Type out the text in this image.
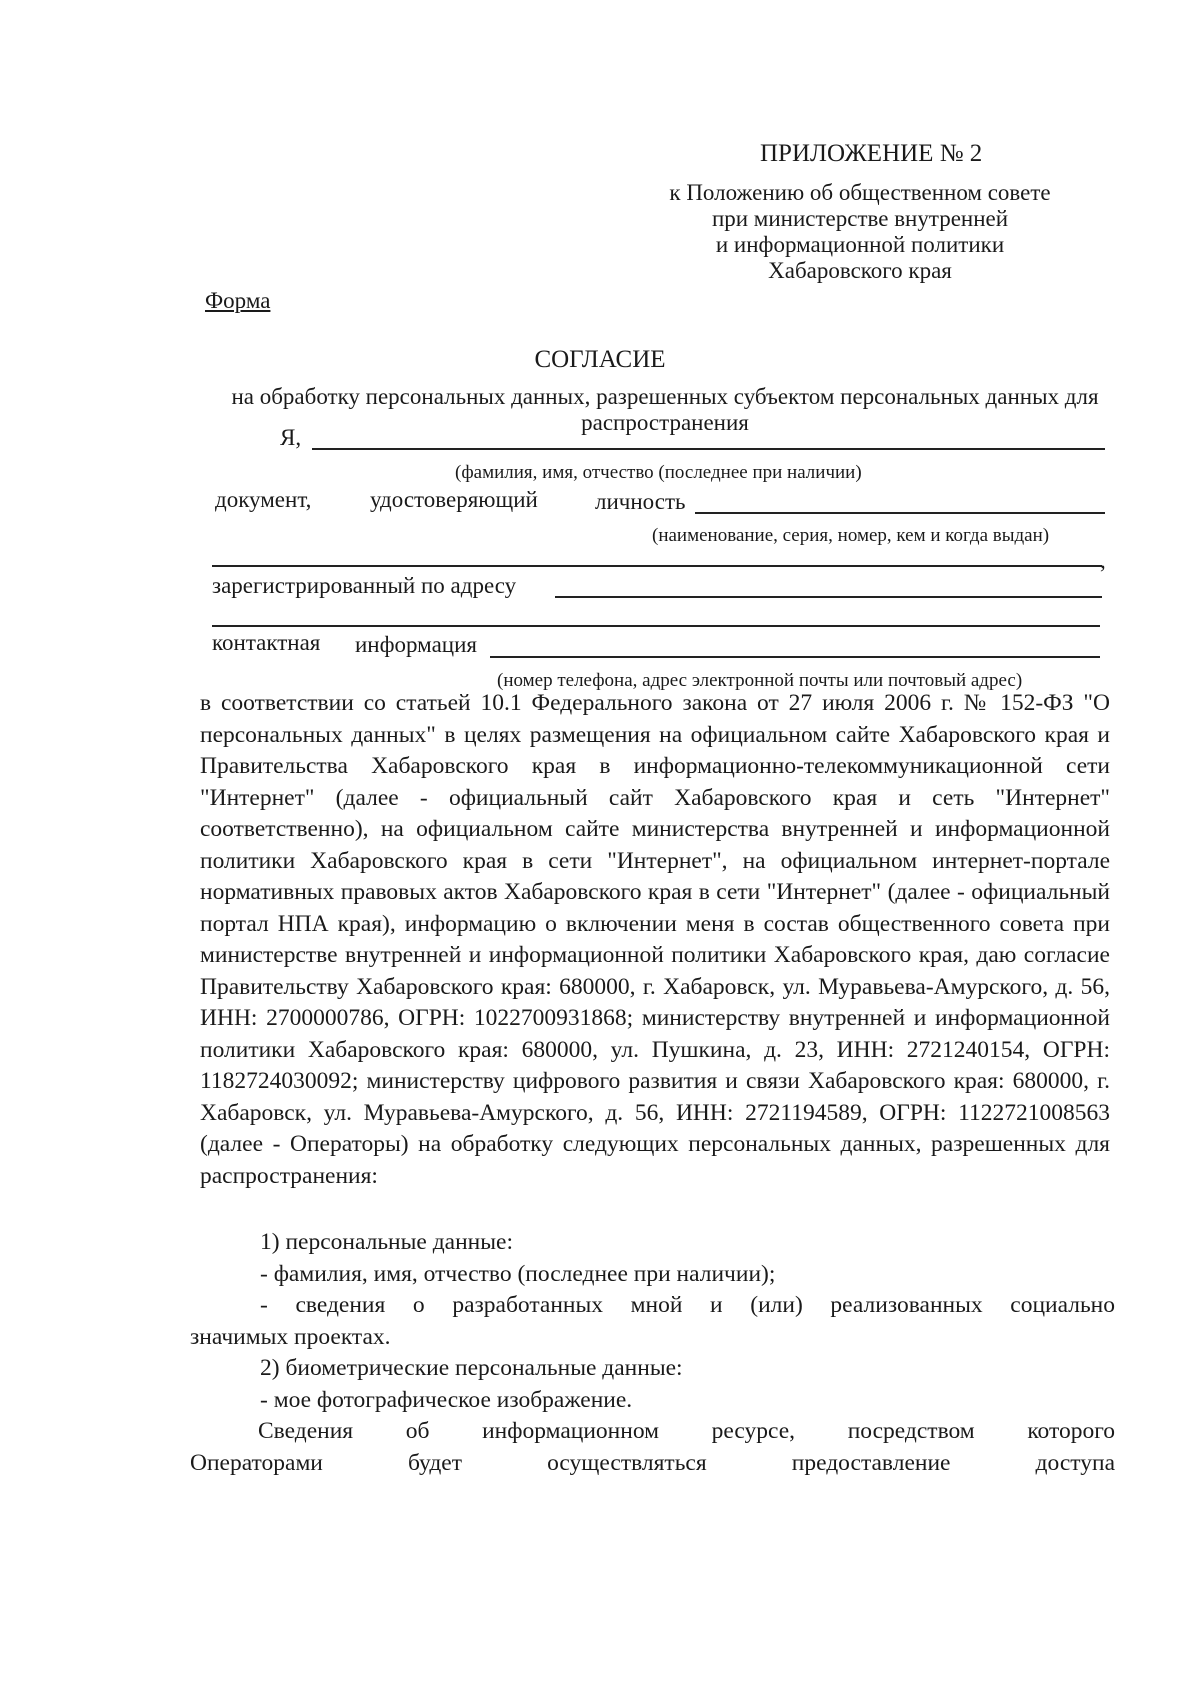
ПРИЛОЖЕНИЕ № 2
к Положению об общественном совете
при министерстве внутренней
и информационной политики
Хабаровского края
Форма
СОГЛАСИЕ
на обработку персональных данных, разрешенных субъектом персональных данных для распространения
Я,
(фамилия, имя, отчество (последнее при наличии)
документ,	удостоверяющий личность
(наименование, серия, номер, кем и когда выдан)
,
зарегистрированный по адресу
контактная информация
(номер телефона, адрес электронной почты или почтовый адрес)

в соответствии со статьей 10.1 Федерального закона от 27 июля 2006 г. № 152-ФЗ "О персональных данных" в целях размещения на официальном сайте Хабаровского края и Правительства Хабаровского края в информационно-телекоммуникационной сети "Интернет" (далее - официальный сайт Хабаровского края и сеть "Интернет" соответственно), на официальном сайте министерства внутренней и информационной политики Хабаровского края в сети "Интернет", на официальном интернет-портале нормативных правовых актов Хабаровского края в сети "Интернет" (далее - официальный портал НПА края), информацию о включении меня в состав общественного совета при министерстве внутренней и информационной политики Хабаровского края, даю согласие Правительству Хабаровского края: 680000, г. Хабаровск, ул. Муравьева-Амурского, д. 56, ИНН: 2700000786, ОГРН: 1022700931868; министерству внутренней и информационной политики Хабаровского края: 680000, ул. Пушкина, д. 23, ИНН: 2721240154, ОГРН: 1182724030092; министерству цифрового развития и связи Хабаровского края: 680000, г. Хабаровск, ул. Муравьева-Амурского, д. 56, ИНН: 2721194589, ОГРН: 1122721008563 (далее - Операторы) на обработку следующих персональных данных, разрешенных для распространения:

1) персональные данные:
- фамилия, имя, отчество (последнее при наличии);
- сведения о разработанных мной и (или) реализованных социально
значимых проектах.
2) биометрические персональные данные:
- мое фотографическое изображение.
Сведения об информационном ресурсе, посредством которого
Операторами будет осуществляться предоставление доступа
